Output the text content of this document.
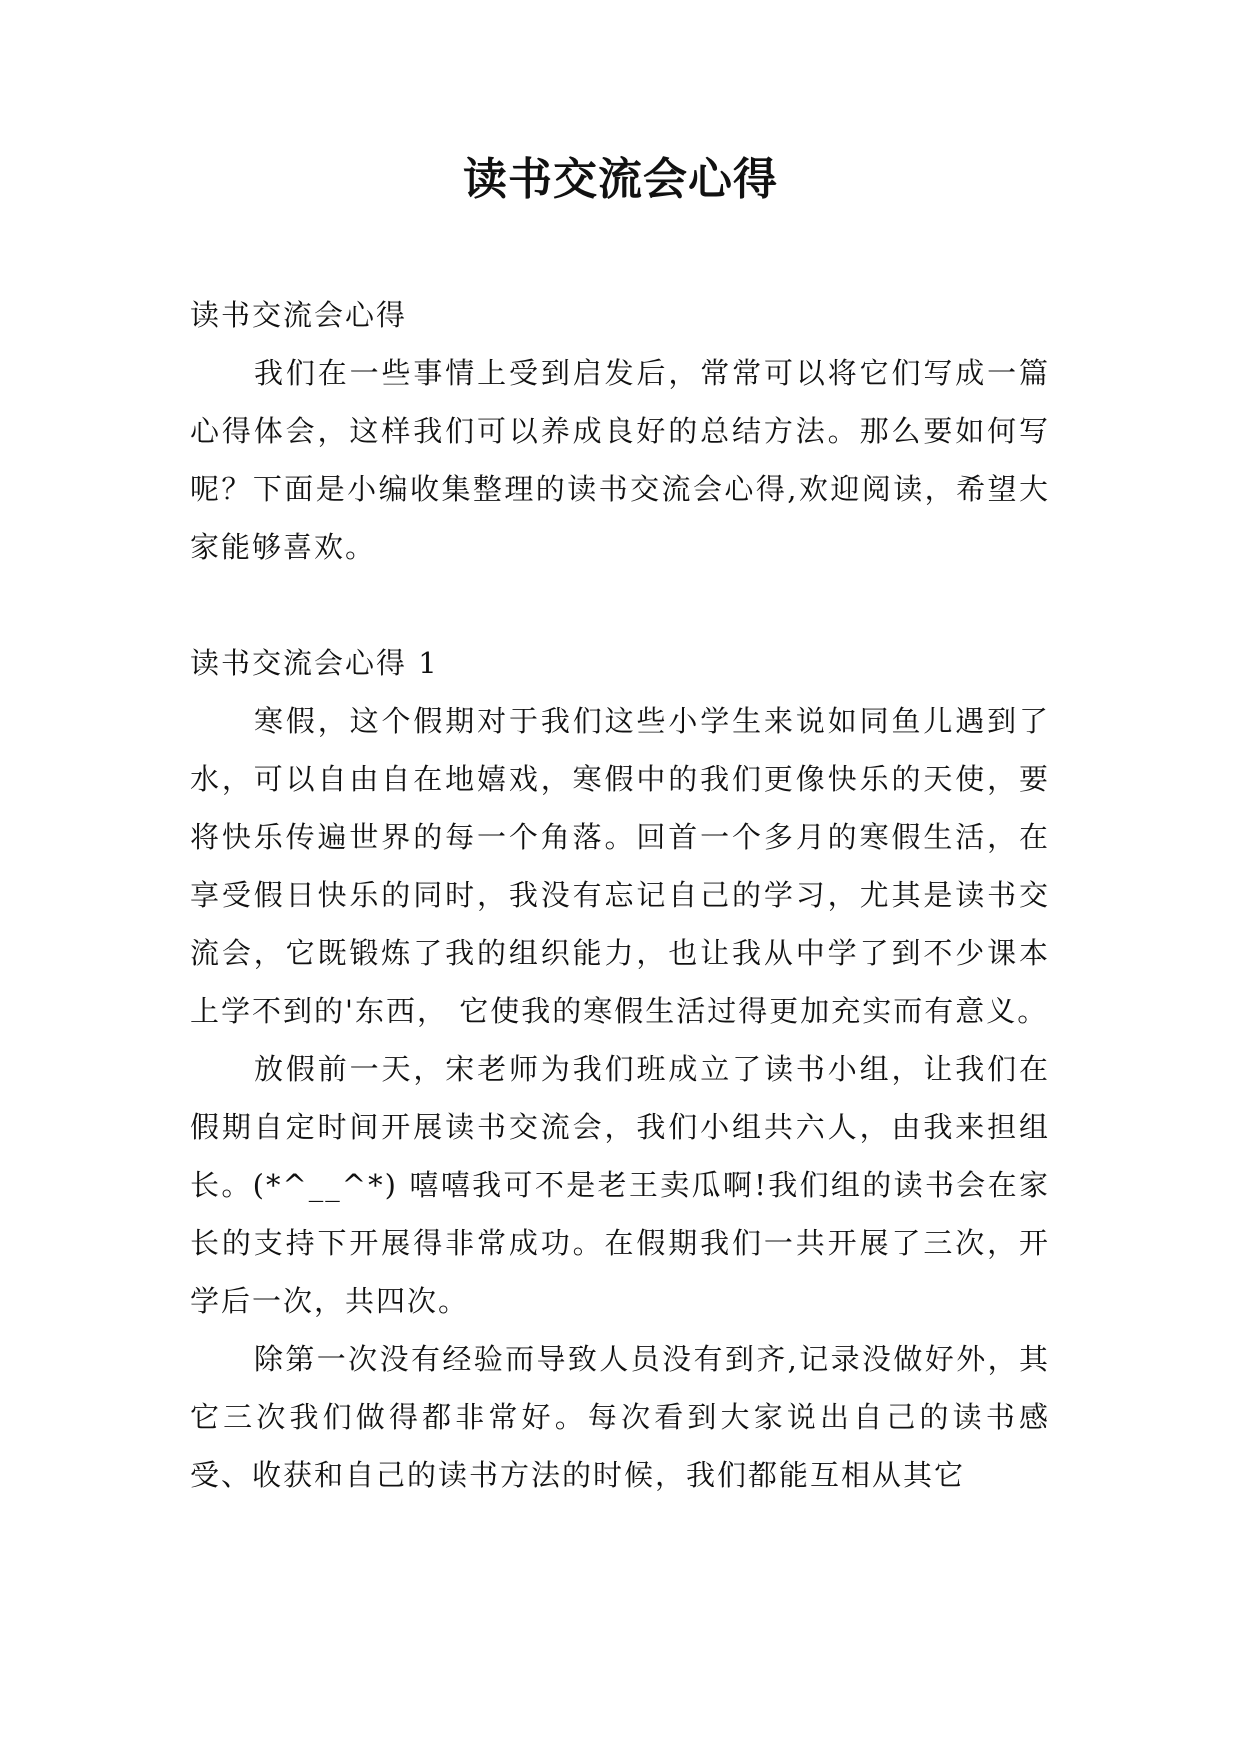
读书交流会心得

读书交流会心得

我们在一些事情上受到启发后，常常可以将它们写成一篇心得体会，这样我们可以养成良好的总结方法。那么要如何写呢？下面是小编收集整理的读书交流会心得,欢迎阅读，希望大家能够喜欢。

读书交流会心得 1

寒假，这个假期对于我们这些小学生来说如同鱼儿遇到了水，可以自由自在地嬉戏，寒假中的我们更像快乐的天使，要将快乐传遍世界的每一个角落。回首一个多月的寒假生活，在享受假日快乐的同时，我没有忘记自己的学习，尤其是读书交流会，它既锻炼了我的组织能力，也让我从中学了到不少课本上学不到的'东西， 它使我的寒假生活过得更加充实而有意义。

放假前一天，宋老师为我们班成立了读书小组，让我们在假期自定时间开展读书交流会，我们小组共六人，由我来担组长。(*^__^*) 嘻嘻我可不是老王卖瓜啊!我们组的读书会在家长的支持下开展得非常成功。在假期我们一共开展了三次，开学后一次，共四次。

除第一次没有经验而导致人员没有到齐,记录没做好外，其它三次我们做得都非常好。每次看到大家说出自己的读书感受、收获和自己的读书方法的时候，我们都能互相从其它
